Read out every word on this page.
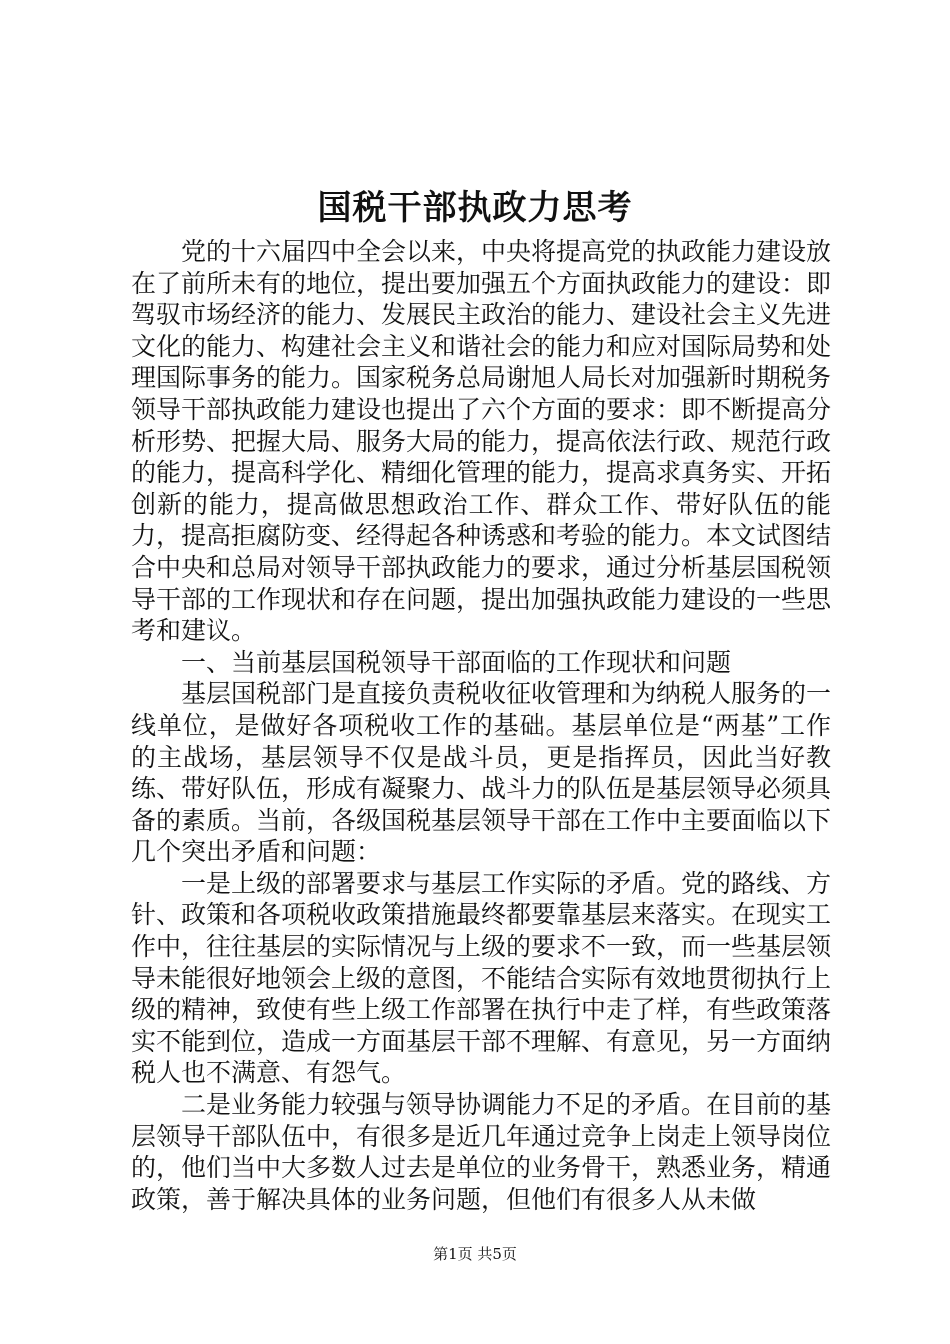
国税干部执政力思考

党的十六届四中全会以来，中央将提高党的执政能力建设放在了前所未有的地位，提出要加强五个方面执政能力的建设：即驾驭市场经济的能力、发展民主政治的能力、建设社会主义先进文化的能力、构建社会主义和谐社会的能力和应对国际局势和处理国际事务的能力。国家税务总局谢旭人局长对加强新时期税务领导干部执政能力建设也提出了六个方面的要求：即不断提高分析形势、把握大局、服务大局的能力，提高依法行政、规范行政的能力，提高科学化、精细化管理的能力，提高求真务实、开拓创新的能力，提高做思想政治工作、群众工作、带好队伍的能力，提高拒腐防变、经得起各种诱惑和考验的能力。本文试图结合中央和总局对领导干部执政能力的要求，通过分析基层国税领导干部的工作现状和存在问题，提出加强执政能力建设的一些思考和建议。

一、当前基层国税领导干部面临的工作现状和问题

基层国税部门是直接负责税收征收管理和为纳税人服务的一线单位，是做好各项税收工作的基础。基层单位是“两基”工作的主战场，基层领导不仅是战斗员，更是指挥员，因此当好教练、带好队伍，形成有凝聚力、战斗力的队伍是基层领导必须具备的素质。当前，各级国税基层领导干部在工作中主要面临以下几个突出矛盾和问题：

一是上级的部署要求与基层工作实际的矛盾。党的路线、方针、政策和各项税收政策措施最终都要靠基层来落实。在现实工作中，往往基层的实际情况与上级的要求不一致，而一些基层领导未能很好地领会上级的意图，不能结合实际有效地贯彻执行上级的精神，致使有些上级工作部署在执行中走了样，有些政策落实不能到位，造成一方面基层干部不理解、有意见，另一方面纳税人也不满意、有怨气。

二是业务能力较强与领导协调能力不足的矛盾。在目前的基层领导干部队伍中，有很多是近几年通过竞争上岗走上领导岗位的，他们当中大多数人过去是单位的业务骨干，熟悉业务，精通政策，善于解决具体的业务问题，但他们有很多人从未做

第1页 共5页
